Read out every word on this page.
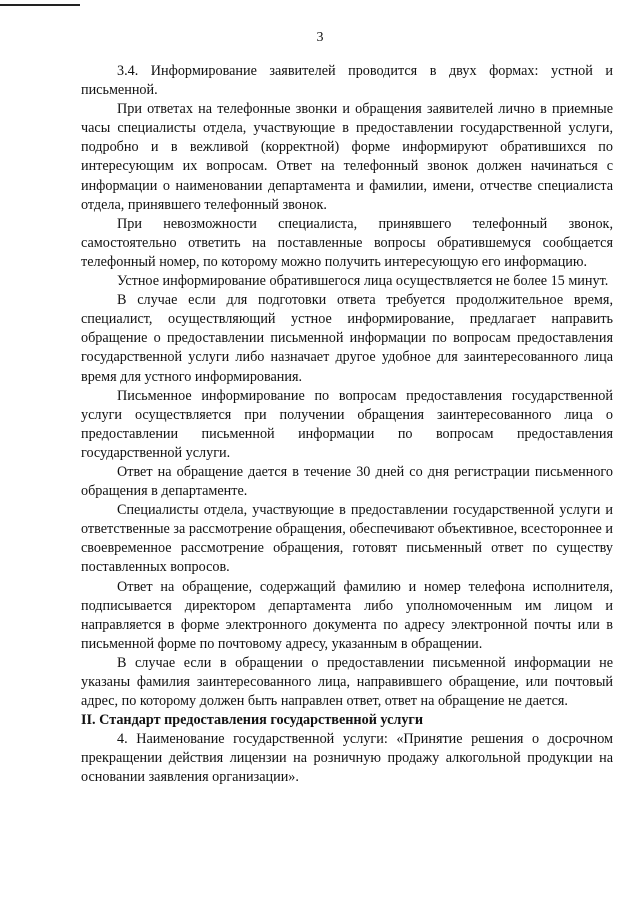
3

3.4. Информирование заявителей проводится в двух формах: устной и письменной.

При ответах на телефонные звонки и обращения заявителей лично в приемные часы специалисты отдела, участвующие в предоставлении государственной услуги, подробно и в вежливой (корректной) форме информируют обратившихся по интересующим их вопросам. Ответ на телефонный звонок должен начинаться с информации о наименовании департамента и фамилии, имени, отчестве специалиста отдела, принявшего телефонный звонок.

При невозможности специалиста, принявшего телефонный звонок, самостоятельно ответить на поставленные вопросы обратившемуся сообщается телефонный номер, по которому можно получить интересующую его информацию.

Устное информирование обратившегося лица осуществляется не более 15 минут.

В случае если для подготовки ответа требуется продолжительное время, специалист, осуществляющий устное информирование, предлагает направить обращение о предоставлении письменной информации по вопросам предоставления государственной услуги либо назначает другое удобное для заинтересованного лица время для устного информирования.

Письменное информирование по вопросам предоставления государственной услуги осуществляется при получении обращения заинтересованного лица о предоставлении письменной информации по вопросам предоставления государственной услуги.

Ответ на обращение дается в течение 30 дней со дня регистрации письменного обращения в департаменте.

Специалисты отдела, участвующие в предоставлении государственной услуги и ответственные за рассмотрение обращения, обеспечивают объективное, всестороннее и своевременное рассмотрение обращения, готовят письменный ответ по существу поставленных вопросов.

Ответ на обращение, содержащий фамилию и номер телефона исполнителя, подписывается директором департамента либо уполномоченным им лицом и направляется в форме электронного документа по адресу электронной почты или в письменной форме по почтовому адресу, указанным в обращении.

В случае если в обращении о предоставлении письменной информации не указаны фамилия заинтересованного лица, направившего обращение, или почтовый адрес, по которому должен быть направлен ответ, ответ на обращение не дается.

II. Стандарт предоставления государственной услуги

4. Наименование государственной услуги: «Принятие решения о досрочном прекращении действия лицензии на розничную продажу алкогольной продукции на основании заявления организации».
